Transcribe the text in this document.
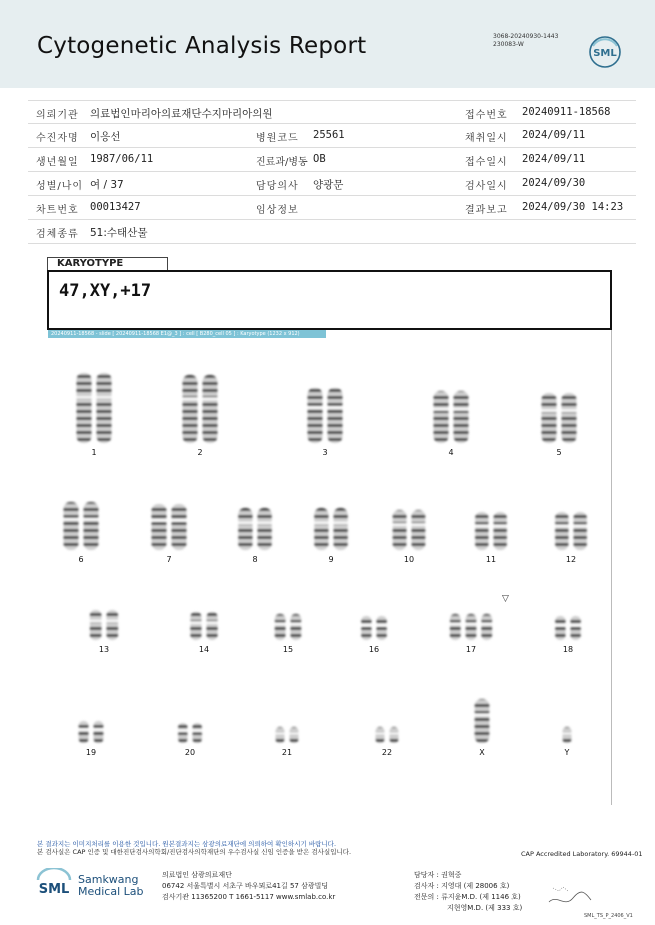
Cytogenetic Analysis Report	3068-20240930-1443
230083-W
SML
의뢰기관 의료법인마리아의료재단수지마리아의원	접수번호 20240911-18568
수진자명 이응선	병원코드 25561	채취일시 2024/09/11
생년월일 1987/06/11	진료과/병동 OB	접수일시 2024/09/11
성별/나이 여 / 37	담당의사 양광문	검사일시 2024/09/30
차트번호 00013427	임상정보	결과보고 2024/09/30 14:23
검체종류 51:수태산물
KARYOTYPE
47,XY,+17
20240911-18568 - slide [ 20240911-18568 E1@_3 ] : cell [ B280_cell 05 ] : Karyotype (1232 x 912)
1	2	3	4	5
6	7	8	9	10	11	12
13	14	15	16	17	18
19	20	21	22	X	Y
▽
본 결과지는 이미지처리를 이용한 것입니다. 원본결과지는 삼광의료재단에 의뢰하여 확인하시기 바랍니다.
본 검사실은 CAP 인증 및 대한진단검사의학회/진단검사의학재단의 우수검사실 신임 인증을 받은 검사실입니다.	CAP Accredited Laboratory. 69944-01
SML
Samkwang
Medical Lab
의료법인 삼광의료재단
06742 서울특별시 서초구 바우뫼로41길 57 삼광빌딩
검사기관 11365200 T 1661-5117 www.smlab.co.kr
담당자 : 권혁중
검사자 : 지영대 (제 28006 호)
전문의 : 류지윤M.D. (제 1146 호)
지현영M.D. (제 333 호)
SML_TS_P_2406_V1
